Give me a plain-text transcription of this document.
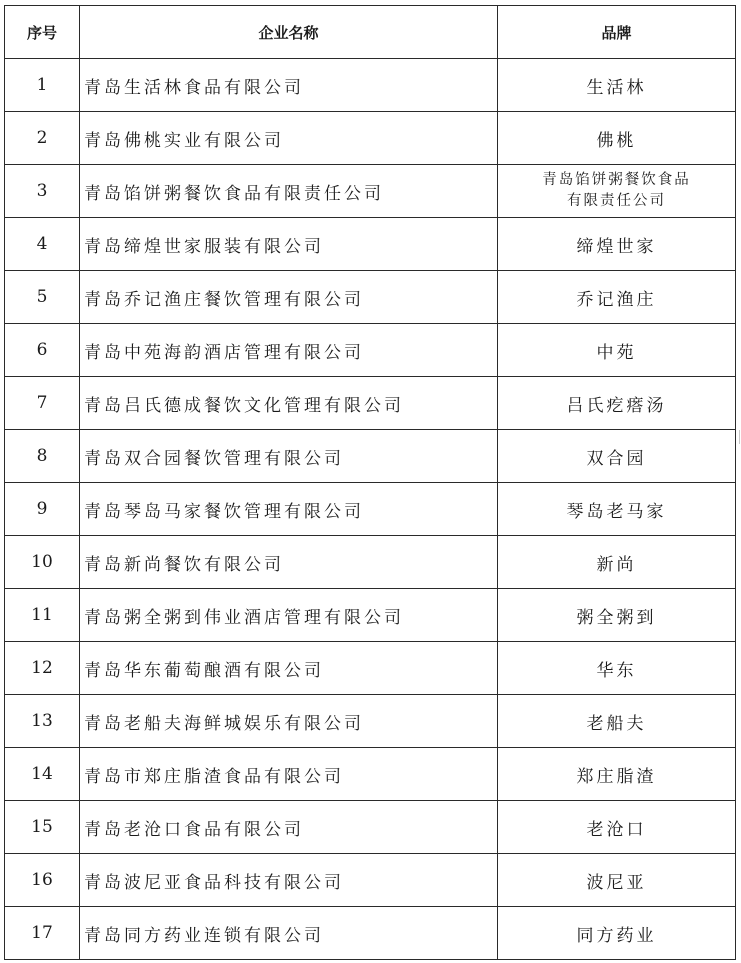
序号	企业名称	品牌
1	青岛生活林食品有限公司	生活林
2	青岛佛桃实业有限公司	佛桃
3	青岛馅饼粥餐饮食品有限责任公司	青岛馅饼粥餐饮食品
有限责任公司

4	青岛缔煌世家服装有限公司	缔煌世家
5	青岛乔记渔庄餐饮管理有限公司	乔记渔庄
6	青岛中苑海韵酒店管理有限公司	中苑
7	青岛吕氏德成餐饮文化管理有限公司	吕氏疙瘩汤
8	青岛双合园餐饮管理有限公司	双合园
9	青岛琴岛马家餐饮管理有限公司	琴岛老马家
10	青岛新尚餐饮有限公司	新尚
11	青岛粥全粥到伟业酒店管理有限公司	粥全粥到
12	青岛华东葡萄酿酒有限公司	华东
13	青岛老船夫海鲜城娱乐有限公司	老船夫
14	青岛市郑庄脂渣食品有限公司	郑庄脂渣
15	青岛老沧口食品有限公司	老沧口
16	青岛波尼亚食品科技有限公司	波尼亚
17	青岛同方药业连锁有限公司	同方药业
